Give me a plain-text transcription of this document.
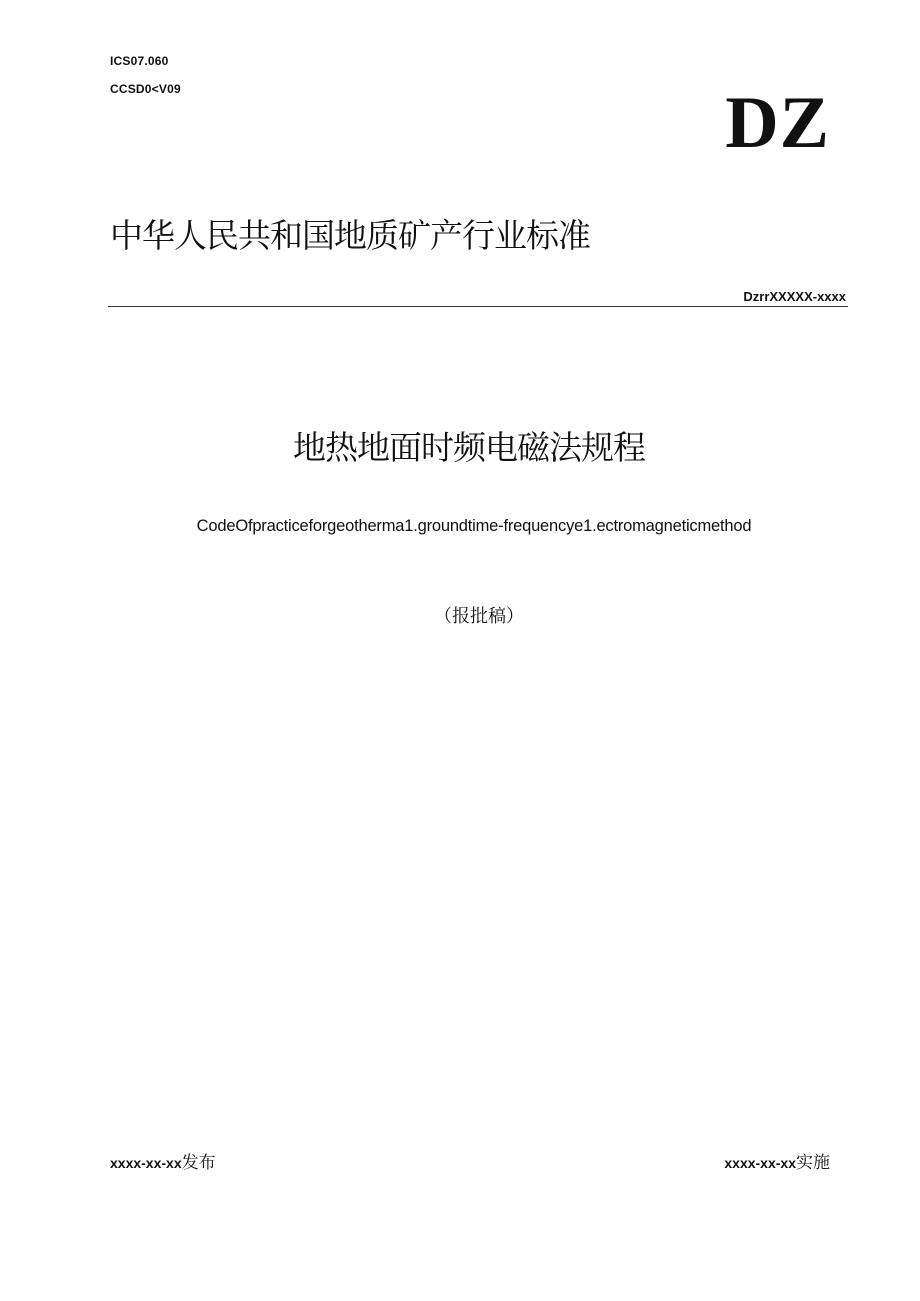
ICS07.060
CCSD0<V09	DZ
中华人民共和国地质矿产行业标准
DzrrXXXXX-xxxx
地热地面时频电磁法规程
CodeOfpracticeforgeotherma1.groundtime-frequencye1.ectromagneticmethod
（报批稿）
xxxx-xx-xx发布	xxxx-xx-xx实施
